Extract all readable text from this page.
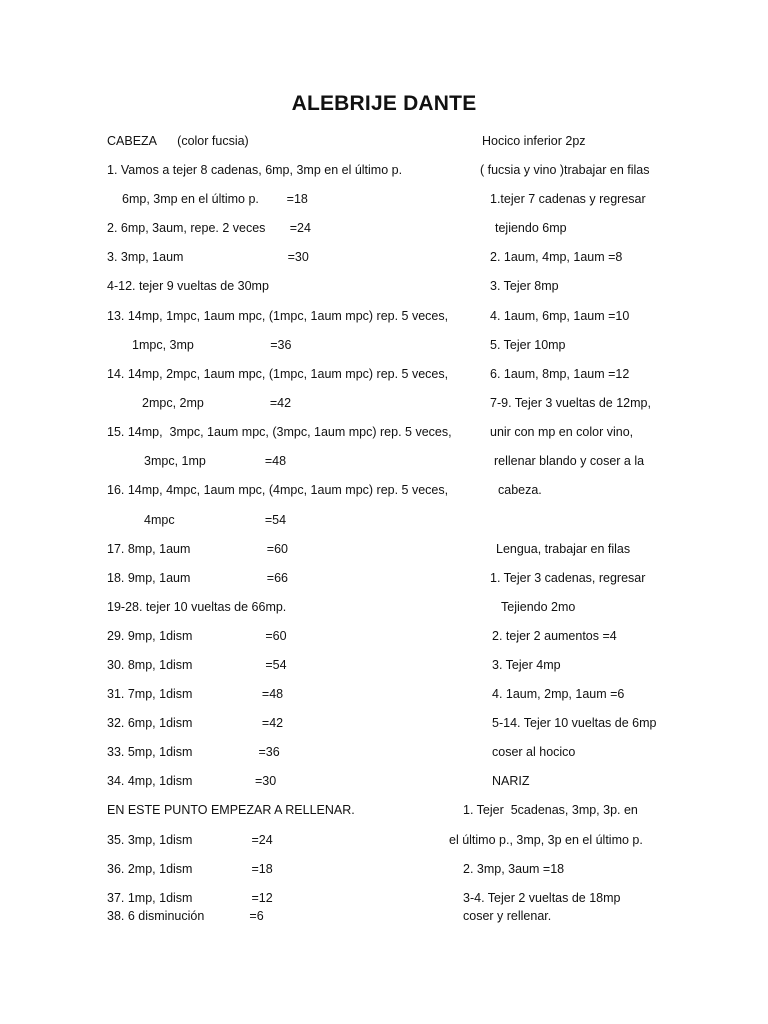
ALEBRIJE DANTE
CABEZA      (color fucsia)
1. Vamos a tejer 8 cadenas, 6mp, 3mp en el último p.
6mp, 3mp en el último p.        =18
2. 6mp, 3aum, repe. 2 veces       =24
3. 3mp, 1aum                              =30
4-12. tejer 9 vueltas de 30mp
13. 14mp, 1mpc, 1aum mpc, (1mpc, 1aum mpc) rep. 5 veces,
1mpc, 3mp                      =36
14. 14mp, 2mpc, 1aum mpc, (1mpc, 1aum mpc) rep. 5 veces,
2mpc, 2mp                   =42
15. 14mp,  3mpc, 1aum mpc, (3mpc, 1aum mpc) rep. 5 veces,
3mpc, 1mp                 =48
16. 14mp, 4mpc, 1aum mpc, (4mpc, 1aum mpc) rep. 5 veces,
4mpc                          =54
17. 8mp, 1aum                      =60
18. 9mp, 1aum                      =66
19-28. tejer 10 vueltas de 66mp.
29. 9mp, 1dism                     =60
30. 8mp, 1dism                     =54
31. 7mp, 1dism                    =48
32. 6mp, 1dism                    =42
33. 5mp, 1dism                   =36
34. 4mp, 1dism                  =30
EN ESTE PUNTO EMPEZAR A RELLENAR.
35. 3mp, 1dism                 =24
36. 2mp, 1dism                 =18
37. 1mp, 1dism                 =12
38. 6 disminución             =6
Hocico inferior 2pz
( fucsia y vino )trabajar en filas
1.tejer 7 cadenas y regresar
tejiendo 6mp
2. 1aum, 4mp, 1aum =8
3. Tejer 8mp
4. 1aum, 6mp, 1aum =10
5. Tejer 10mp
6. 1aum, 8mp, 1aum =12
7-9. Tejer 3 vueltas de 12mp,
unir con mp en color vino,
rellenar blando y coser a la
cabeza.
Lengua, trabajar en filas
1. Tejer 3 cadenas, regresar
Tejiendo 2mo
2. tejer 2 aumentos =4
3. Tejer 4mp
4. 1aum, 2mp, 1aum =6
5-14. Tejer 10 vueltas de 6mp
coser al hocico
NARIZ
1. Tejer  5cadenas, 3mp, 3p. en
el último p., 3mp, 3p en el último p.
2. 3mp, 3aum =18
3-4. Tejer 2 vueltas de 18mp
coser y rellenar.
